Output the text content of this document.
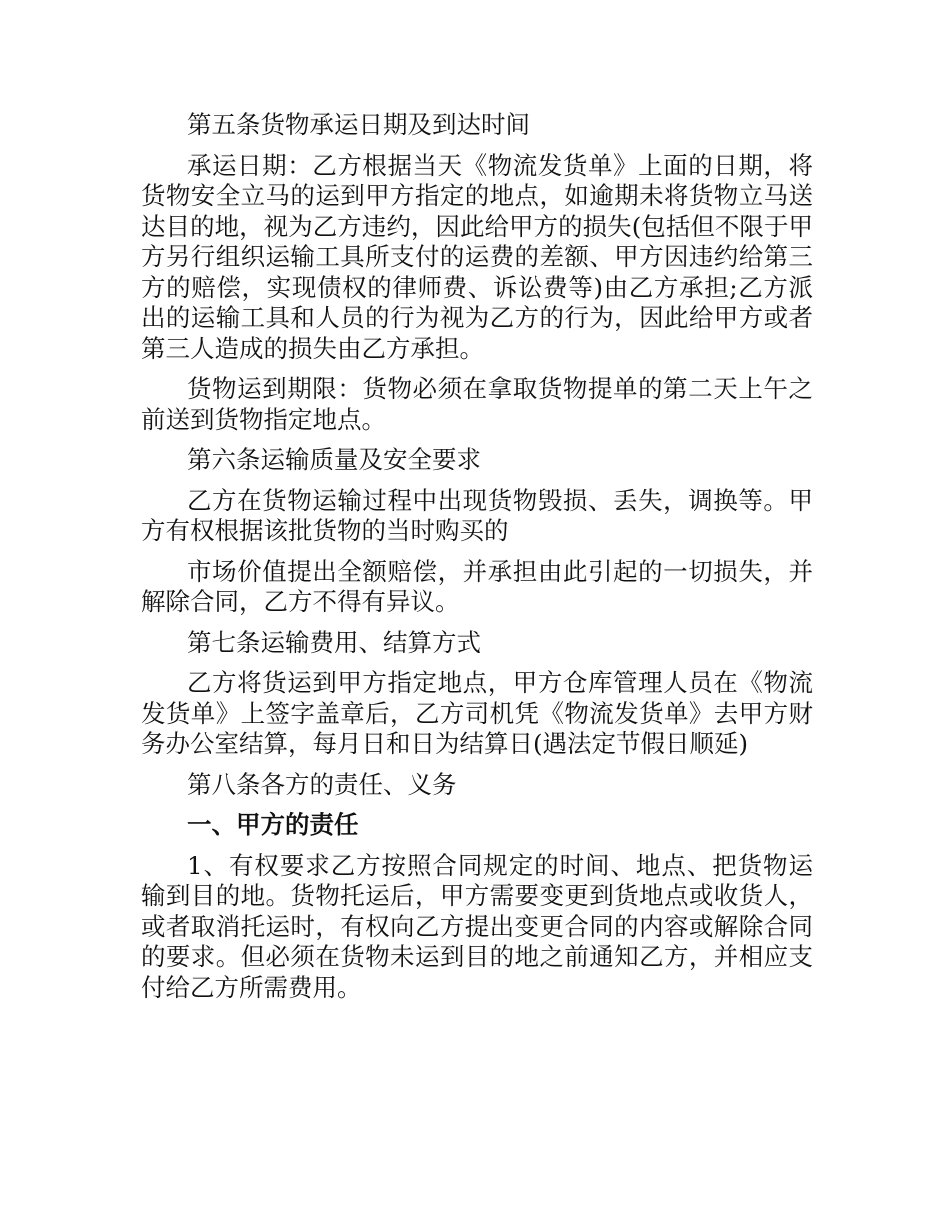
第五条货物承运日期及到达时间

承运日期：乙方根据当天《物流发货单》上面的日期，将货物安全立马的运到甲方指定的地点，如逾期未将货物立马送达目的地，视为乙方违约，因此给甲方的损失(包括但不限于甲方另行组织运输工具所支付的运费的差额、甲方因违约给第三方的赔偿，实现债权的律师费、诉讼费等)由乙方承担;乙方派出的运输工具和人员的行为视为乙方的行为，因此给甲方或者第三人造成的损失由乙方承担。

货物运到期限：货物必须在拿取货物提单的第二天上午之前送到货物指定地点。

第六条运输质量及安全要求

乙方在货物运输过程中出现货物毁损、丢失，调换等。甲方有权根据该批货物的当时购买的

市场价值提出全额赔偿，并承担由此引起的一切损失，并解除合同，乙方不得有异议。

第七条运输费用、结算方式

乙方将货运到甲方指定地点，甲方仓库管理人员在《物流发货单》上签字盖章后，乙方司机凭《物流发货单》去甲方财务办公室结算，每月日和日为结算日(遇法定节假日顺延)

第八条各方的责任、义务

一、甲方的责任

1、有权要求乙方按照合同规定的时间、地点、把货物运输到目的地。货物托运后，甲方需要变更到货地点或收货人，或者取消托运时，有权向乙方提出变更合同的内容或解除合同的要求。但必须在货物未运到目的地之前通知乙方，并相应支付给乙方所需费用。
